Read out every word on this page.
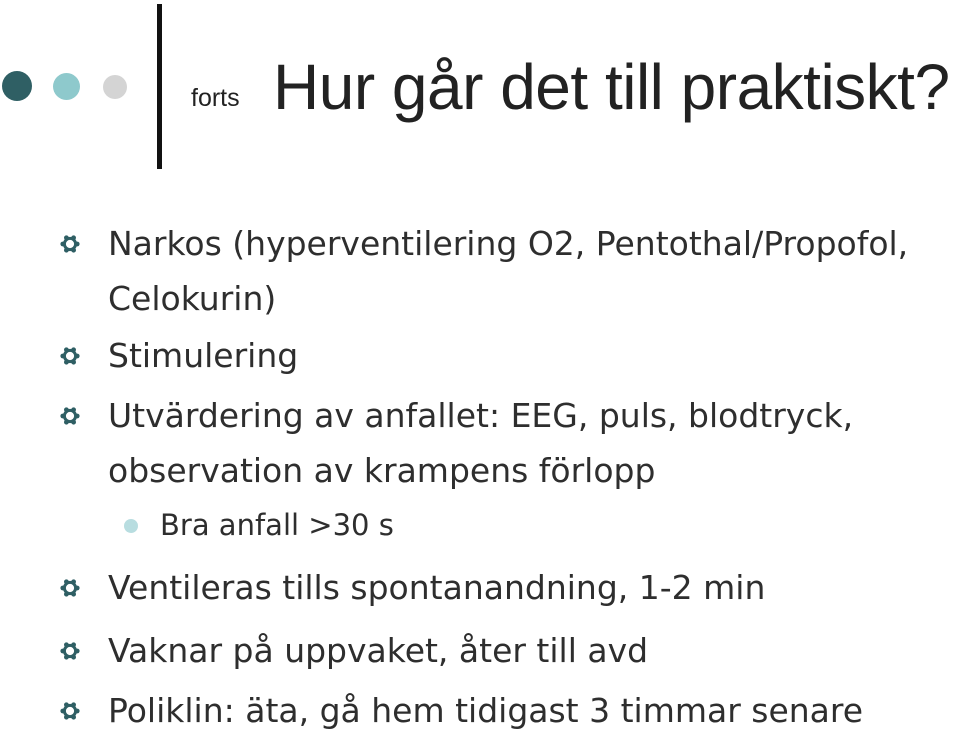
forts Hur går det till praktiskt?
Narkos (hyperventilering O2, Pentothal/Propofol,
Celokurin)
Stimulering
Utvärdering av anfallet: EEG, puls, blodtryck,
observation av krampens förlopp
Bra anfall >30 s
Ventileras tills spontanandning, 1-2 min
Vaknar på uppvaket, åter till avd
Poliklin: äta, gå hem tidigast 3 timmar senare
